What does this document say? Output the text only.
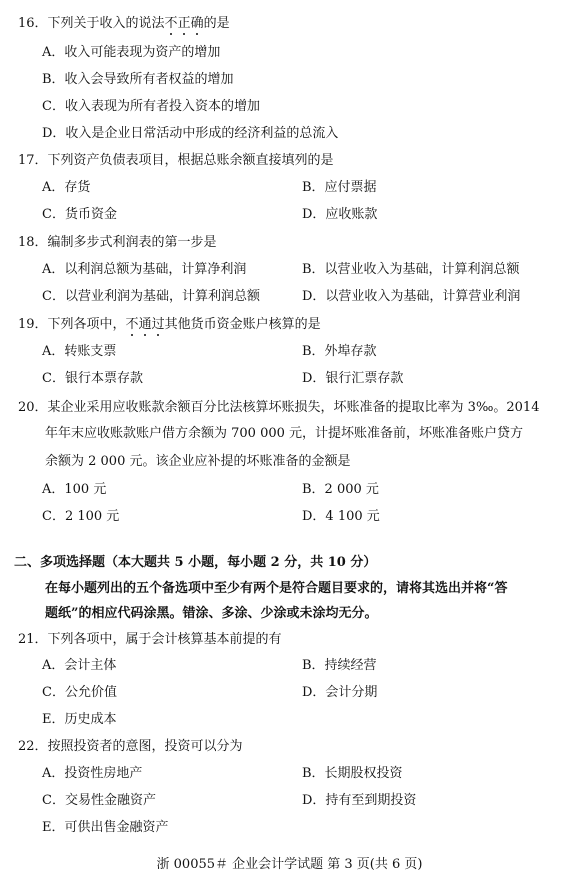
16．下列关于收入的说法不正确的是
A．收入可能表现为资产的增加
B．收入会导致所有者权益的增加
C．收入表现为所有者投入资本的增加
D．收入是企业日常活动中形成的经济利益的总流入
17．下列资产负债表项目，根据总账余额直接填列的是
A．存货	B．应付票据
C．货币资金	D．应收账款
18．编制多步式利润表的第一步是
A．以利润总额为基础，计算净利润	B．以营业收入为基础，计算利润总额
C．以营业利润为基础，计算利润总额	D．以营业收入为基础，计算营业利润
19．下列各项中，不通过其他货币资金账户核算的是
A．转账支票	B．外埠存款
C．银行本票存款	D．银行汇票存款
20．某企业采用应收账款余额百分比法核算坏账损失，坏账准备的提取比率为 3‰。2014
年年末应收账款账户借方余额为 700 000 元，计提坏账准备前，坏账准备账户贷方
余额为 2 000 元。该企业应补提的坏账准备的金额是
A．100 元	B．2 000 元
C．2 100 元	D．4 100 元
二、多项选择题（本大题共 5 小题，每小题 2 分，共 10 分）
在每小题列出的五个备选项中至少有两个是符合题目要求的，请将其选出并将“答
题纸”的相应代码涂黑。错涂、多涂、少涂或未涂均无分。
21．下列各项中，属于会计核算基本前提的有
A．会计主体	B．持续经营
C．公允价值	D．会计分期
E．历史成本
22．按照投资者的意图，投资可以分为
A．投资性房地产	B．长期股权投资
C．交易性金融资产	D．持有至到期投资
E．可供出售金融资产
浙 00055＃ 企业会计学试题 第 3 页(共 6 页)
